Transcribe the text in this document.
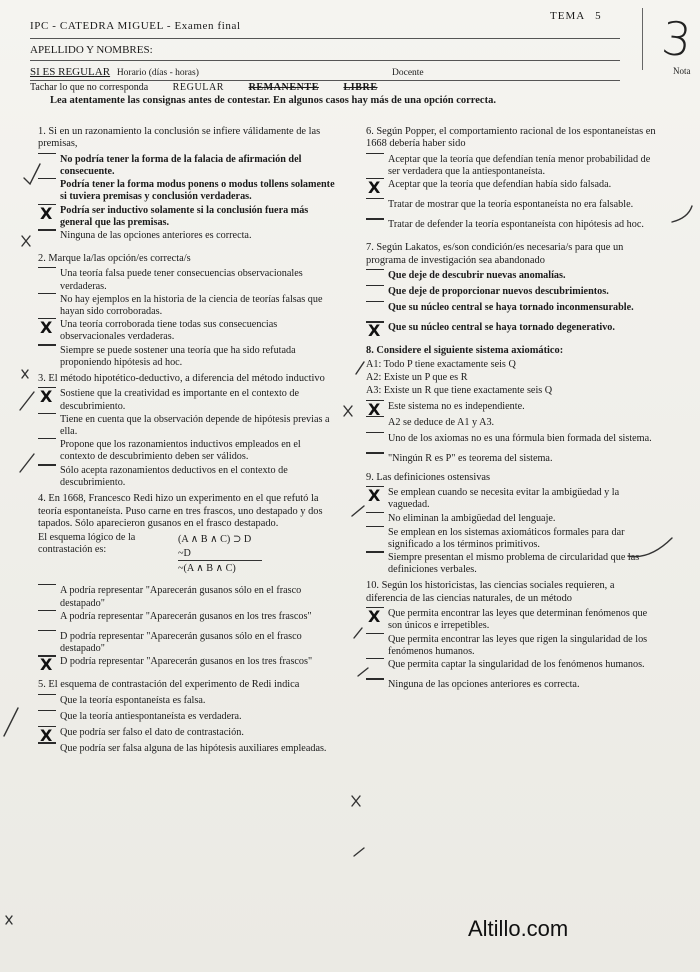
IPC - CATEDRA MIGUEL - Examen final
TEMA 5 3
Nota
APELLIDO Y NOMBRES:
SI ES REGULAR Horario (días - horas)	Docente
Tachar lo que no corresponda REGULAR REMANENTE LIBRE
Lea atentamente las consignas antes de contestar. En algunos casos hay más de una opción correcta.

1. Si en un razonamiento la conclusión se infiere válidamente de las premisas,

No podría tener la forma de la falacia de afirmación del consecuente.
Podría tener la forma modus ponens o modus tollens solamente si tuviera premisas y conclusión verdaderas.
X
Podría ser inductivo solamente si la conclusión fuera más general que las premisas.
Ninguna de las opciones anteriores es correcta.

2. Marque la/las opción/es correcta/s

Una teoría falsa puede tener consecuencias observacionales verdaderas.
No hay ejemplos en la historia de la ciencia de teorías falsas que hayan sido corroboradas.
X
Una teoría corroborada tiene todas sus consecuencias observacionales verdaderas.
Siempre se puede sostener una teoría que ha sido refutada proponiendo hipótesis ad hoc.

3. El método hipotético-deductivo, a diferencia del método inductivo

X
Sostiene que la creatividad es importante en el contexto de descubrimiento.
Tiene en cuenta que la observación depende de hipótesis previas a ella.
Propone que los razonamientos inductivos empleados en el contexto de descubrimiento deben ser válidos.
Sólo acepta razonamientos deductivos en el contexto de descubrimiento.

4. En 1668, Francesco Redi hizo un experimento en el que refutó la teoría espontaneísta. Puso carne en tres frascos, uno destapado y dos tapados. Sólo aparecieron gusanos en el frasco destapado.

El esquema lógico de la contrastación es:
(A ∧ B ∧ C) ⊃ D
~D
~(A ∧ B ∧ C)
A podría representar "Aparecerán gusanos sólo en el frasco destapado"
A podría representar "Aparecerán gusanos en los tres frascos"
D podría representar "Aparecerán gusanos sólo en el frasco destapado"
X
D podría representar "Aparecerán gusanos en los tres frascos"

5. El esquema de contrastación del experimento de Redi indica

Que la teoría espontaneísta es falsa.
Que la teoría antiespontaneísta es verdadera.
X
Que podría ser falso el dato de contrastación.
Que podría ser falsa alguna de las hipótesis auxiliares empleadas.

6. Según Popper, el comportamiento racional de los espontaneístas en 1668 debería haber sido

Aceptar que la teoría que defendían tenía menor probabilidad de ser verdadera que la antiespontaneísta.
X
Aceptar que la teoría que defendían había sido falsada.
Tratar de mostrar que la teoría espontaneísta no era falsable.
Tratar de defender la teoría espontaneísta con hipótesis ad hoc.

7. Según Lakatos, es/son condición/es necesaria/s para que un programa de investigación sea abandonado

Que deje de descubrir nuevas anomalías.
Que deje de proporcionar nuevos descubrimientos.
Que su núcleo central se haya tornado inconmensurable.
X
Que su núcleo central se haya tornado degenerativo.

8. Considere el siguiente sistema axiomático:

A1: Todo P tiene exactamente seis Q
A2: Existe un P que es R
A3: Existe un R que tiene exactamente seis Q
X
Este sistema no es independiente.
A2 se deduce de A1 y A3.
Uno de los axiomas no es una fórmula bien formada del sistema.
"Ningún R es P" es teorema del sistema.

9. Las definiciones ostensivas

X
Se emplean cuando se necesita evitar la ambigüedad y la vaguedad.
No eliminan la ambigüedad del lenguaje.
Se emplean en los sistemas axiomáticos formales para dar significado a los términos primitivos.
Siempre presentan el mismo problema de circularidad que las definiciones verbales.

10. Según los historicistas, las ciencias sociales requieren, a diferencia de las ciencias naturales, de un método

X
Que permita encontrar las leyes que determinan fenómenos que son únicos e irrepetibles.
Que permita encontrar las leyes que rigen la singularidad de los fenómenos humanos.
Que permita captar la singularidad de los fenómenos humanos.
Ninguna de las opciones anteriores es correcta.
Altillo.com
